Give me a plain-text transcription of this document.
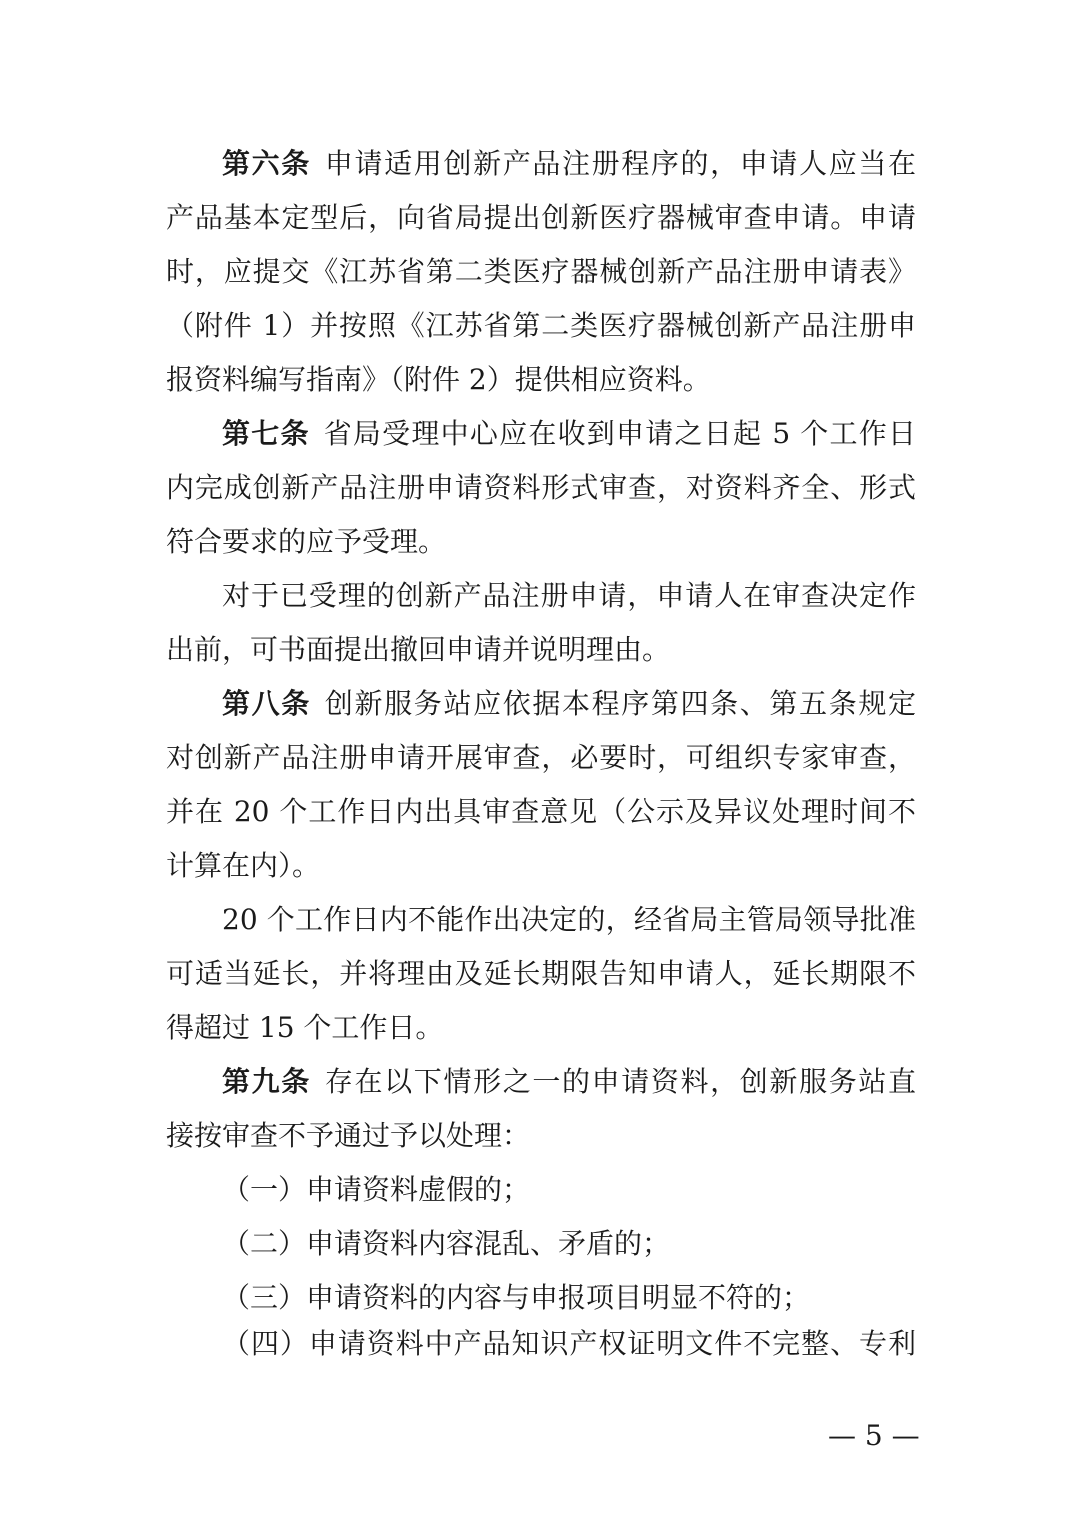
第六条 申请适用创新产品注册程序的，申请人应当在
产品基本定型后，向省局提出创新医疗器械审查申请。申请
时，应提交《江苏省第二类医疗器械创新产品注册申请表》
（附件 1）并按照《江苏省第二类医疗器械创新产品注册申
报资料编写指南》（附件 2）提供相应资料。
第七条 省局受理中心应在收到申请之日起 5 个工作日
内完成创新产品注册申请资料形式审查，对资料齐全、形式
符合要求的应予受理。
对于已受理的创新产品注册申请，申请人在审查决定作
出前，可书面提出撤回申请并说明理由。
第八条 创新服务站应依据本程序第四条、第五条规定
对创新产品注册申请开展审查，必要时，可组织专家审查，
并在 20 个工作日内出具审查意见（公示及异议处理时间不
计算在内）。
20 个工作日内不能作出决定的，经省局主管局领导批准
可适当延长，并将理由及延长期限告知申请人，延长期限不
得超过 15 个工作日。
第九条 存在以下情形之一的申请资料，创新服务站直
接按审查不予通过予以处理：
（一）申请资料虚假的；
（二）申请资料内容混乱、矛盾的；
（三）申请资料的内容与申报项目明显不符的；
（四）申请资料中产品知识产权证明文件不完整、专利
— 5 —
